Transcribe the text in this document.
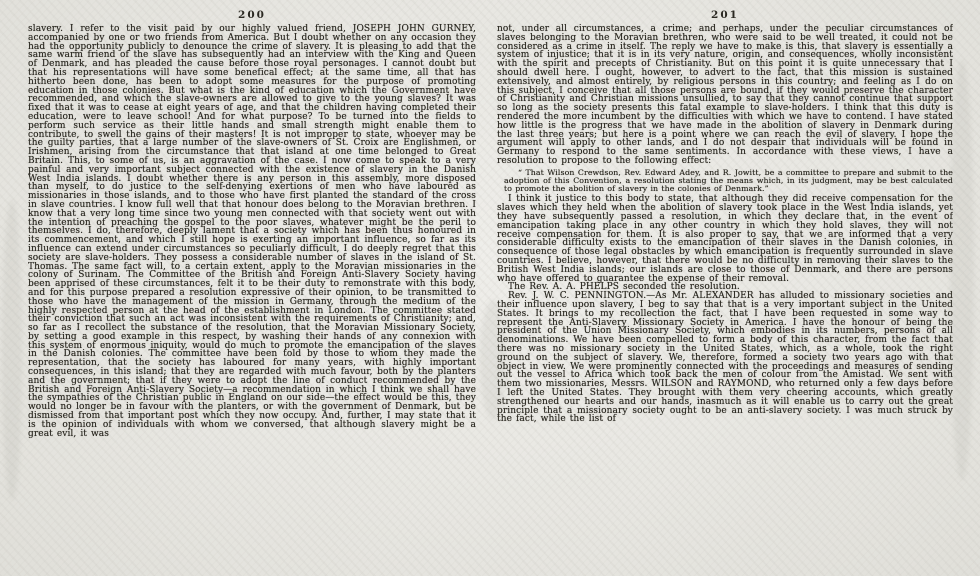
200

slavery. I refer to the visit paid by our highly valued friend, JOSEPH JOHN GURNEY, accompanied by one or two friends from America. But I doubt whether on any occasion they had the opportunity publicly to denounce the crime of slavery. It is pleasing to add that the same warm friend of the slave has subsequently had an interview with the King and Queen of Denmark, and has pleaded the cause before those royal personages. I cannot doubt but that his representations will have some benefical effect; at the same time, all that has hitherto been done, has been to adopt some measures for the purpose of promoting education in those colonies. But what is the kind of education which the Government have recommended, and which the slave-owners are allowed to give to the young slaves? It was fixed that it was to cease at eight years of age, and that the children having completed their education, were to leave school! And for what purpose? To be turned into the fields to perform such service as their little hands and small strength might enable them to contribute, to swell the gains of their masters! It is not improper to state, whoever may be the guilty parties, that a large number of the slave-owners of St. Croix are Englishmen, or Irishmen, arising from the circumstance that that island at one time belonged to Great Britain. This, to some of us, is an aggravation of the case. I now come to speak to a very painful and very important subject connected with the existence of slavery in the Danish West India islands. I doubt whether there is any person in this assembly, more disposed than myself, to do justice to the self-denying exertions of men who have laboured as missionaries in those islands, and to those who have first planted the standard of the cross in slave countries. I know full well that that honour does belong to the Moravian brethren. I know that a very long time since two young men connected with that society went out with the intention of preaching the gospel to the poor slaves, whatever might be the peril to themselves. I do, therefore, deeply lament that a society which has been thus honoured in its commencement, and which I still hope is exerting an important influence, so far as its influence can extend under circumstances so peculiarly difficult, I do deeply regret that this society are slave-holders. They possess a considerable number of slaves in the island of St. Thomas. The same fact will, to a certain extent, apply to the Moravian missionaries in the colony of Surinam. The Committee of the British and Foreign Anti-Slavery Society having been apprised of these circumstances, felt it to be their duty to remonstrate with this body, and for this purpose prepared a resolution expressive of their opinion, to be transmitted to those who have the management of the mission in Germany, through the medium of the highly respected person at the head of the establishment in London. The committee stated their conviction that such an act was inconsistent with the requirements of Christianity; and, so far as I recollect the substance of the resolution, that the Moravian Missionary Society, by setting a good example in this respect, by washing their hands of any connexion with this system of enormous iniquity, would do much to promote the emancipation of the slaves in the Danish colonies. The committee have been told by those to whom they made the representation, that the society has laboured for many years, with highly important consequences, in this island; that they are regarded with much favour, both by the planters and the government; that if they were to adopt the line of conduct recommended by the British and Foreign Anti-Slavery Society—a recommendation in which I think we shall have the sympathies of the Christian public in England on our side—the effect would be this, they would no longer be in favour with the planters, or with the government of Denmark, but be dismissed from that important post which they now occupy. And, further, I may state that it is the opinion of individuals with whom we conversed, that although slavery might be a great evil, it was

201

not, under all circumstances, a crime; and perhaps, under the peculiar circumstances of slaves belonging to the Moravian brethren, who were said to be well treated, it could not be considered as a crime in itself. The reply we have to make is this, that slavery is essentially a system of injustice; that it is in its very nature, origin, and consequences, wholly inconsistent with the spirit and precepts of Christianity. But on this point it is quite unnecessary that I should dwell here. I ought, however, to advert to the fact, that this mission is sustained extensively, and almost entirely, by religious persons in this country; and feeling as I do on this subject, I conceive that all those persons are bound, if they would preserve the character of Christianity and Christian missions unsullied, to say that they cannot continue that support so long as the society presents this fatal example to slave-holders. I think that this duty is rendered the more incumbent by the difficulties with which we have to contend. I have stated how little is the progress that we have made in the abolition of slavery in Denmark during the last three years; but here is a point where we can reach the evil of slavery. I hope the argument will apply to other lands, and I do not despair that individuals will be found in Germany to respond to the same sentiments. In accordance with these views, I have a resolution to propose to the following effect:

“ That Wilson Crewdson, Rev. Edward Adey, and R. Jowitt, be a committee to prepare and submit to the adoption of this Convention, a resolution stating the means which, in its judgment, may be best calculated to promote the abolition of slavery in the colonies of Denmark.”

I think it justice to this body to state, that although they did receive compensation for the slaves which they held when the abolition of slavery took place in the West India islands, yet they have subsequently passed a resolution, in which they declare that, in the event of emancipation taking place in any other country in which they hold slaves, they will not receive compensation for them. It is also proper to say, that we are informed that a very considerable difficulty exists to the emancipation of their slaves in the Danish colonies, in consequence of those legal obstacles by which emancipation is frequently surrounded in slave countries. I believe, however, that there would be no difficulty in removing their slaves to the British West India islands; our islands are close to those of Denmark, and there are persons who have offered to guarantee the expense of their removal.

The Rev. A. A. PHELPS seconded the resolution.

Rev. J. W. C. PENNINGTON.—As Mr. ALEXANDER has alluded to missionary societies and their influence upon slavery, I beg to say that that is a very important subject in the United States. It brings to my recollection the fact, that I have been requested in some way to represent the Anti-Slavery Missionary Society in America. I have the honour of being the president of the Union Missionary Society, which embodies in its numbers, persons of all denominations. We have been compelled to form a body of this character, from the fact that there was no missionary society in the United States, which, as a whole, took the right ground on the subject of slavery. We, therefore, formed a society two years ago with that object in view. We were prominently connected with the proceedings and measures of sending out the vessel to Africa which took back the men of colour from the Amistad. We sent with them two missionaries, Messrs. WILSON and RAYMOND, who returned only a few days before I left the United States. They brought with them very cheering accounts, which greatly strengthened our hearts and our hands, inasmuch as it will enable us to carry out the great principle that a missionary society ought to be an anti-slavery society. I was much struck by the fact, while the list of
